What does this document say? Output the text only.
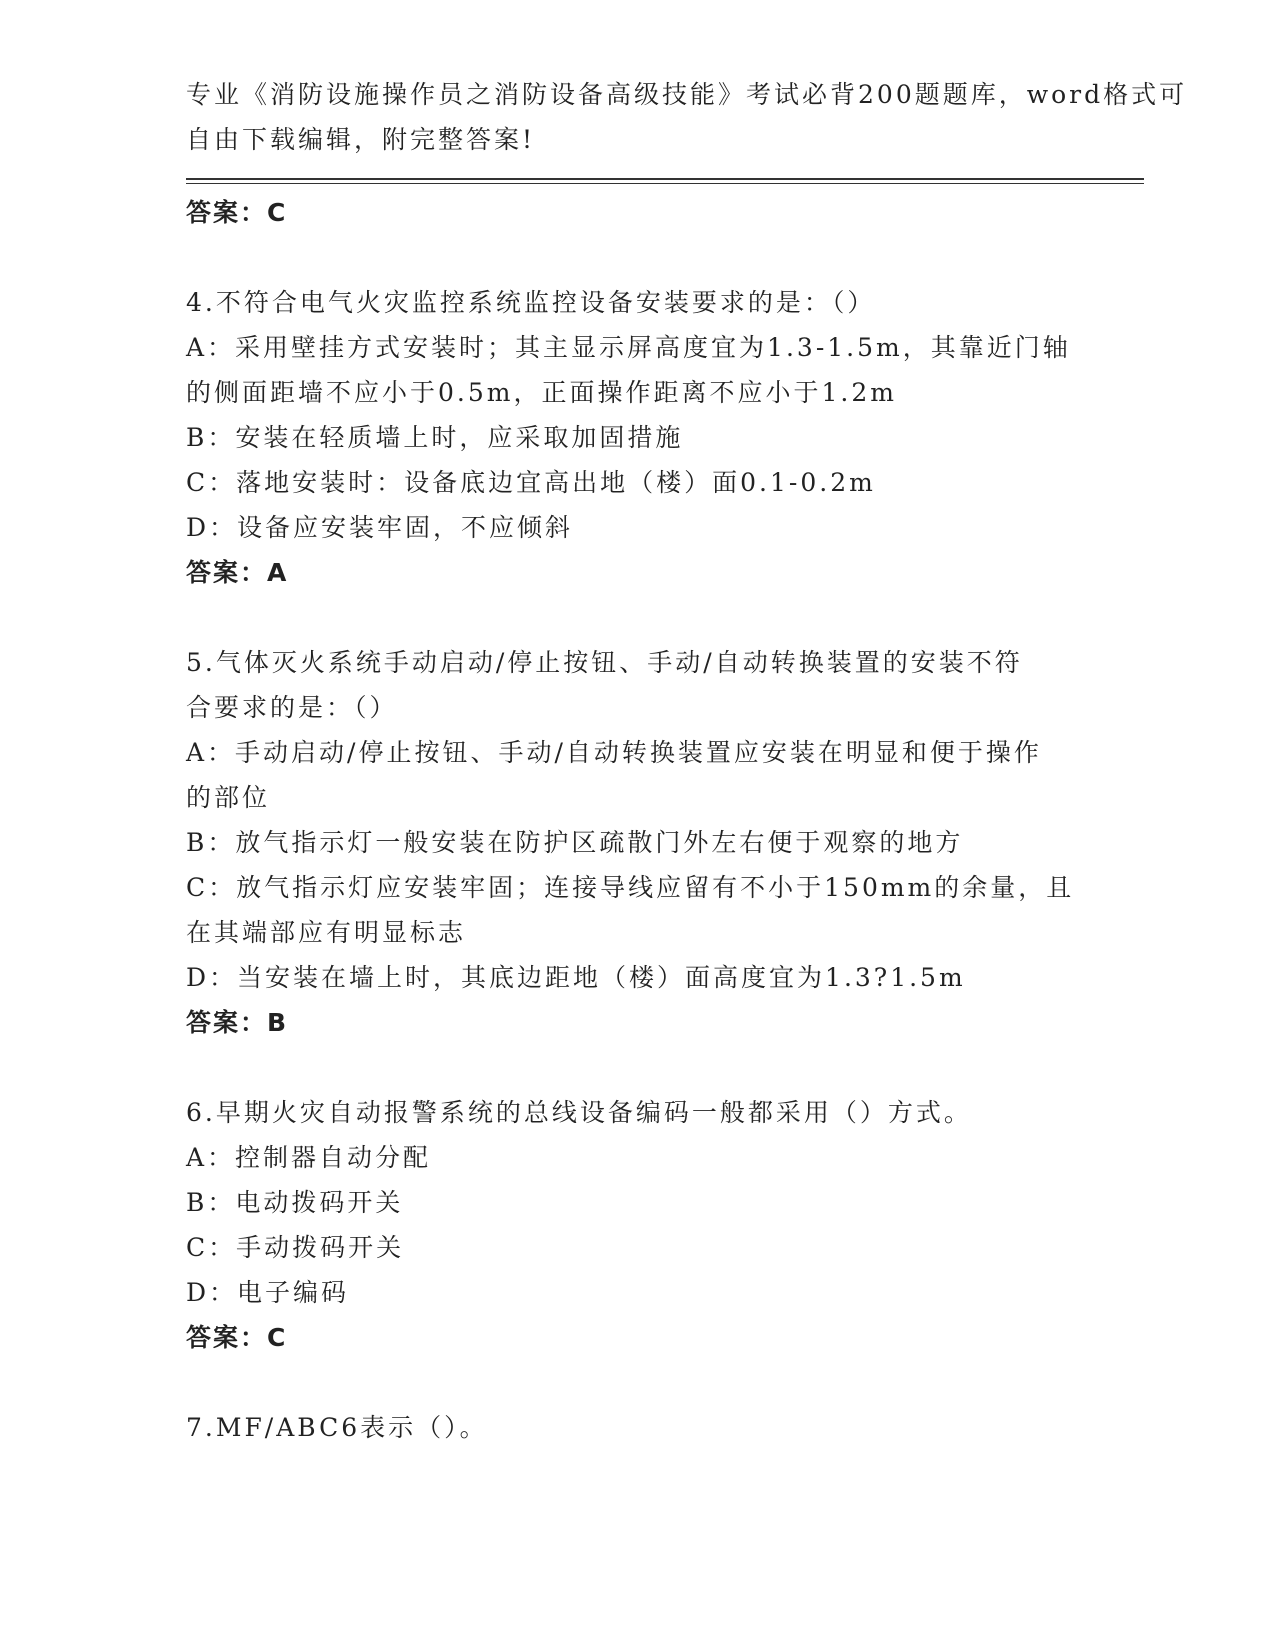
专业《消防设施操作员之消防设备高级技能》考试必背200题题库，word格式可
自由下载编辑，附完整答案!
答案：C
4.不符合电气火灾监控系统监控设备安装要求的是：（）
A：采用壁挂方式安装时；其主显示屏高度宜为1.3-1.5m，其靠近门轴
的侧面距墙不应小于0.5m，正面操作距离不应小于1.2m
B：安装在轻质墙上时，应采取加固措施
C：落地安装时：设备底边宜高出地（楼）面0.1-0.2m
D：设备应安装牢固，不应倾斜
答案：A
5.气体灭火系统手动启动/停止按钮、手动/自动转换装置的安装不符
合要求的是：（）
A：手动启动/停止按钮、手动/自动转换装置应安装在明显和便于操作
的部位
B：放气指示灯一般安装在防护区疏散门外左右便于观察的地方
C：放气指示灯应安装牢固；连接导线应留有不小于150mm的余量，且
在其端部应有明显标志
D：当安装在墙上时，其底边距地（楼）面高度宜为1.3?1.5m
答案：B
6.早期火灾自动报警系统的总线设备编码一般都采用（）方式。
A：控制器自动分配
B：电动拨码开关
C：手动拨码开关
D：电子编码
答案：C
7.MF/ABC6表示（）。
